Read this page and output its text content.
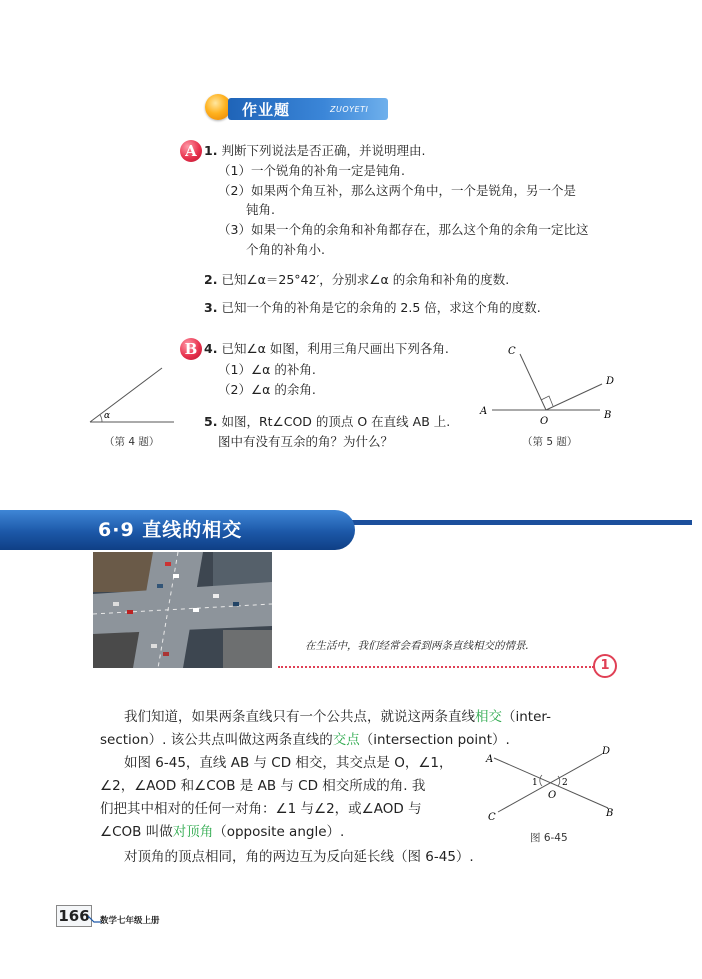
作业题	ZUOYETI
A 1. 判断下列说法是否正确，并说明理由.
（1）一个锐角的补角一定是钝角.
（2）如果两个角互补，那么这两个角中，一个是锐角，另一个是
钝角.
（3）如果一个角的余角和补角都存在，那么这个角的余角一定比这
个角的补角小.
2. 已知∠α＝25°42′，分别求∠α 的余角和补角的度数.
3. 已知一个角的补角是它的余角的 2.5 倍，求这个角的度数.
B 4. 已知∠α 如图，利用三角尺画出下列各角.
（1）∠α 的补角.
（2）∠α 的余角.
5. 如图，Rt∠COD 的顶点 O 在直线 AB 上.
图中有没有互余的角？为什么？
α
（第 4 题）
A	B
C
D
O
（第 5 题）
6·9 直线的相交
在生活中，我们经常会看到两条直线相交的情景.
1
我们知道，如果两条直线只有一个公共点，就说这两条直线相交（inter-
section）. 该公共点叫做这两条直线的交点（intersection point）.
如图 6-45，直线 AB 与 CD 相交，其交点是 O，∠1，
∠2，∠AOD 和∠COB 是 AB 与 CD 相交所成的角. 我
们把其中相对的任何一对角：∠1 与∠2，或∠AOD 与
∠COB 叫做对顶角（opposite angle）.
对顶角的顶点相同，角的两边互为反向延长线（图 6-45）.
A
B
C
D
O
1	2
图 6-45
166 数学七年级上册
